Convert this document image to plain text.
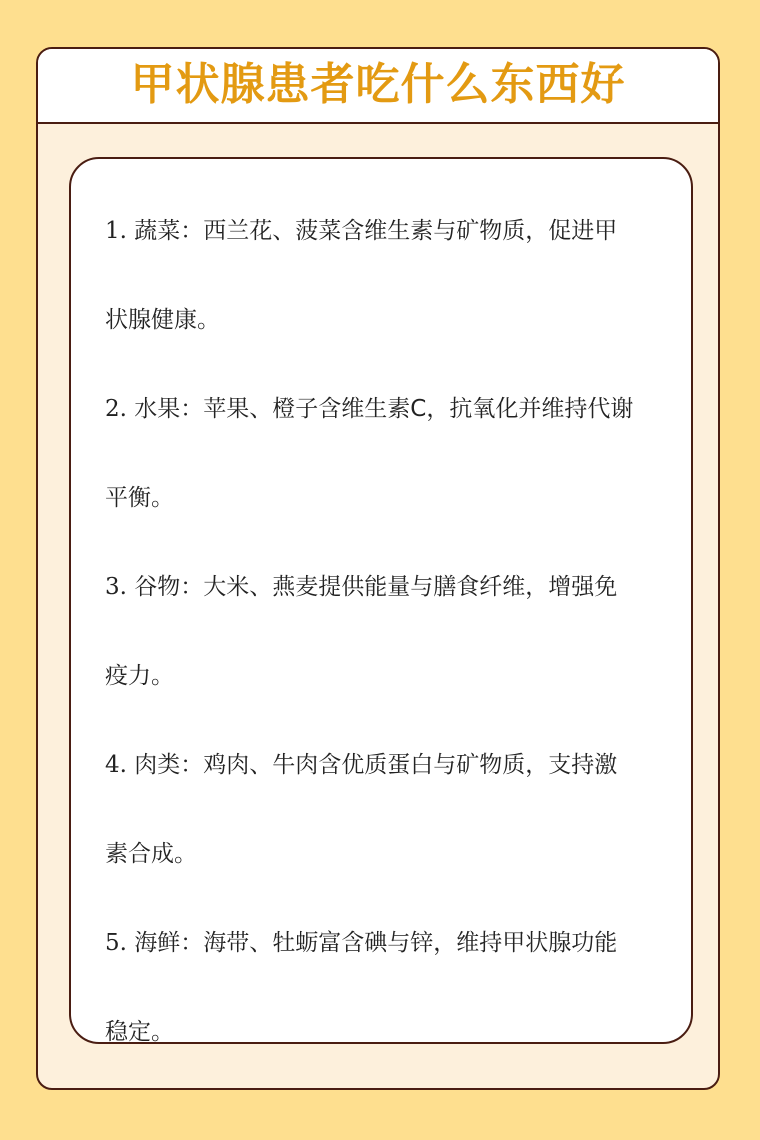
甲状腺患者吃什么东西好
1. 蔬菜：西兰花、菠菜含维生素与矿物质，促进甲
状腺健康。
2. 水果：苹果、橙子含维生素C，抗氧化并维持代谢
平衡。
3. 谷物：大米、燕麦提供能量与膳食纤维，增强免
疫力。
4. 肉类：鸡肉、牛肉含优质蛋白与矿物质，支持激
素合成。
5. 海鲜：海带、牡蛎富含碘与锌，维持甲状腺功能
稳定。
